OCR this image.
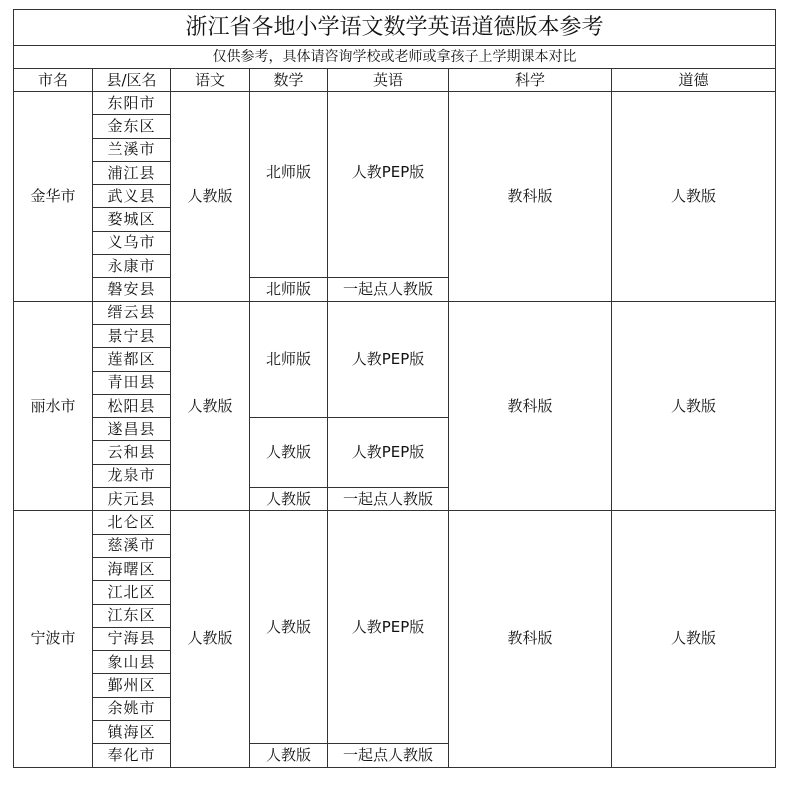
浙江省各地小学语文数学英语道德版本参考						
仅供参考，具体请咨询学校或老师或拿孩子上学期课本对比						
市名	县/区名	语文	数学	英语	科学	道德
金华市	东阳市	人教版	北师版	人教PEP版	教科版	人教版
	金东区					
	兰溪市					
	浦江县					
	武义县					
	婺城区					
	义乌市					
	永康市					
	磐安县		北师版	一起点人教版		
丽水市	缙云县	人教版	北师版	人教PEP版	教科版	人教版
	景宁县					
	莲都区					
	青田县					
	松阳县					
	遂昌县		人教版	人教PEP版		
	云和县					
	龙泉市					
	庆元县		人教版	一起点人教版		
宁波市	北仑区	人教版	人教版	人教PEP版	教科版	人教版
	慈溪市					
	海曙区					
	江北区					
	江东区					
	宁海县					
	象山县					
	鄞州区					
	余姚市					
	镇海区					
	奉化市		人教版	一起点人教版		
